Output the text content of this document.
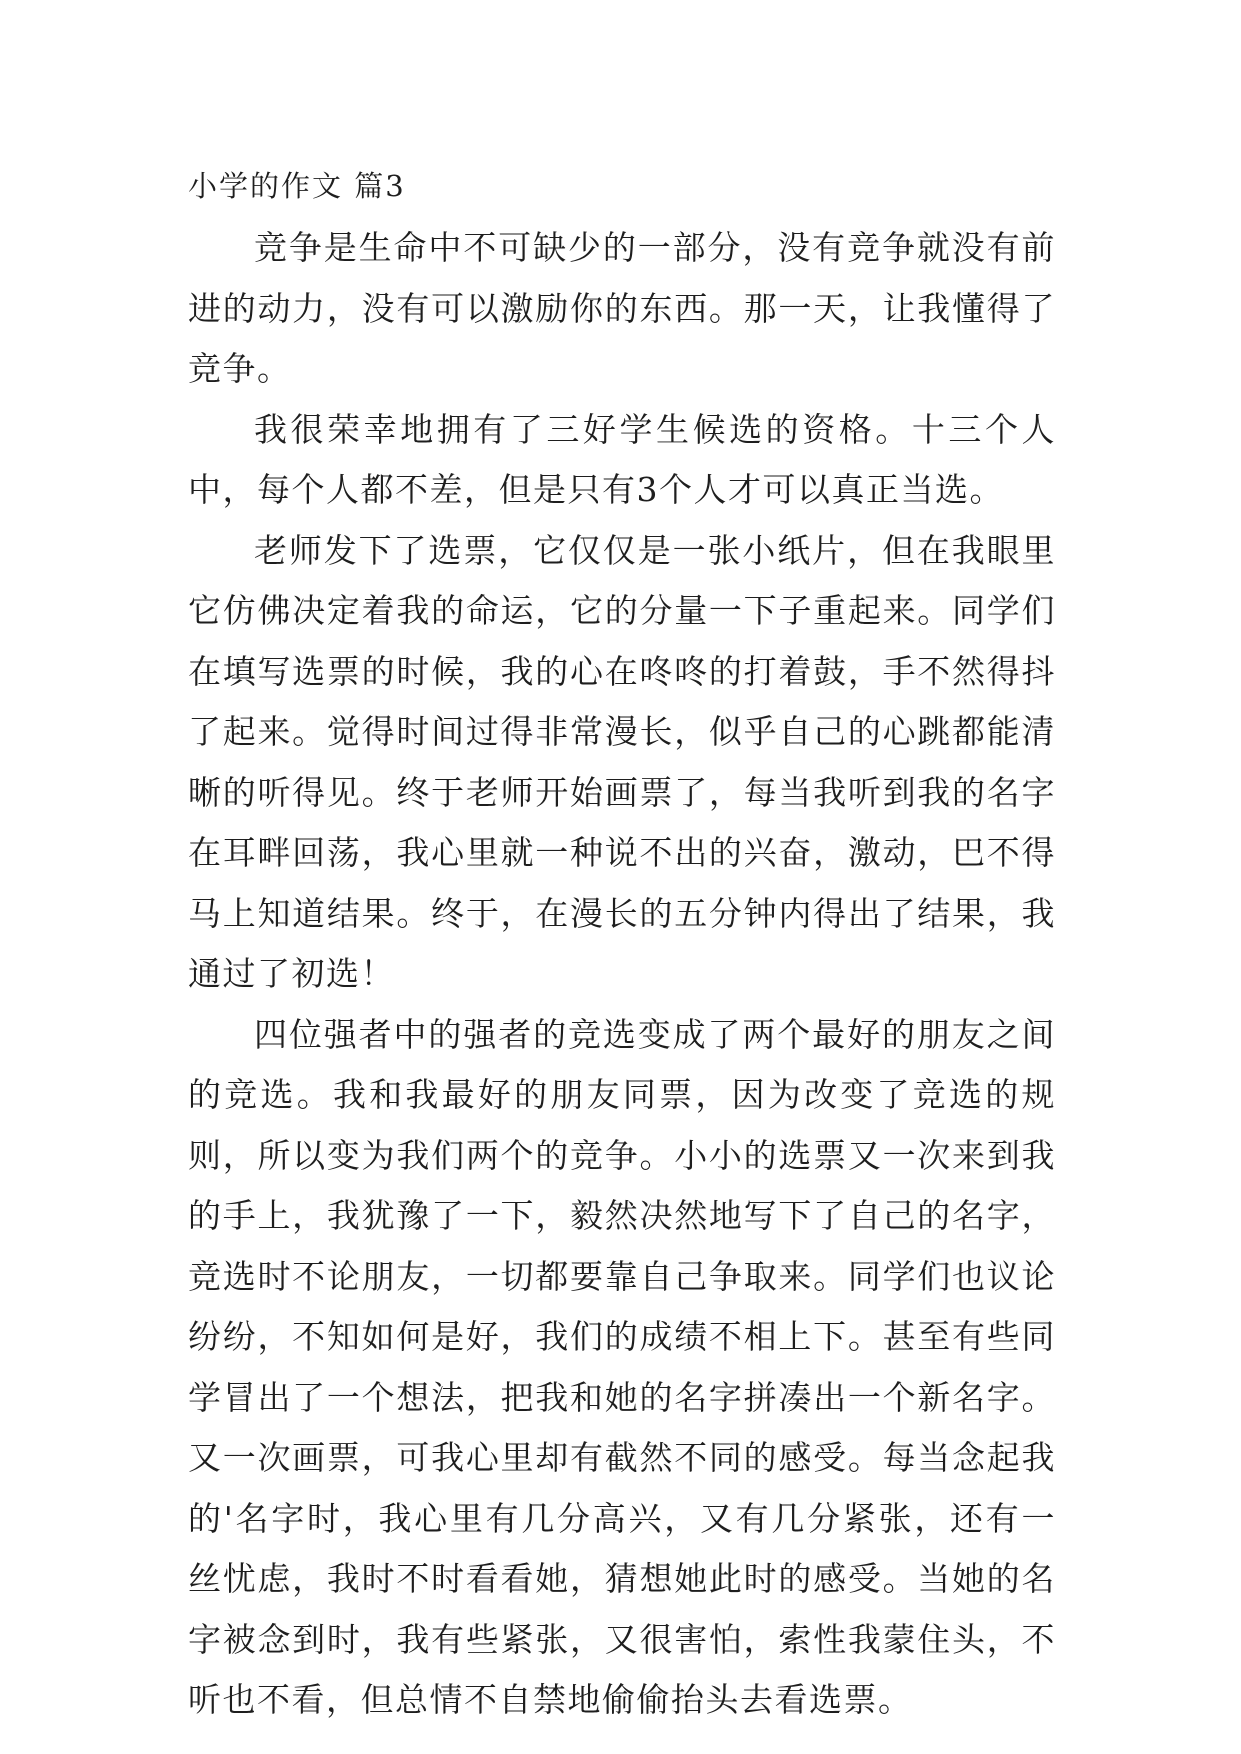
小学的作文 篇3

竞争是生命中不可缺少的一部分，没有竞争就没有前进的动力，没有可以激励你的东西。那一天，让我懂得了竞争。

我很荣幸地拥有了三好学生候选的资格。十三个人中，每个人都不差，但是只有3个人才可以真正当选。

老师发下了选票，它仅仅是一张小纸片，但在我眼里它仿佛决定着我的命运，它的分量一下子重起来。同学们在填写选票的时候，我的心在咚咚的打着鼓，手不然得抖了起来。觉得时间过得非常漫长，似乎自己的心跳都能清晰的听得见。终于老师开始画票了，每当我听到我的名字在耳畔回荡，我心里就一种说不出的兴奋，激动，巴不得马上知道结果。终于，在漫长的五分钟内得出了结果，我通过了初选！

四位强者中的强者的竞选变成了两个最好的朋友之间的竞选。我和我最好的朋友同票，因为改变了竞选的规则，所以变为我们两个的竞争。小小的选票又一次来到我的手上，我犹豫了一下，毅然决然地写下了自己的名字，竞选时不论朋友，一切都要靠自己争取来。同学们也议论纷纷，不知如何是好，我们的成绩不相上下。甚至有些同学冒出了一个想法，把我和她的名字拼凑出一个新名字。又一次画票，可我心里却有截然不同的感受。每当念起我的'名字时，我心里有几分高兴，又有几分紧张，还有一丝忧虑，我时不时看看她，猜想她此时的感受。当她的名字被念到时，我有些紧张，又很害怕，索性我蒙住头，不听也不看，但总情不自禁地偷偷抬头去看选票。
